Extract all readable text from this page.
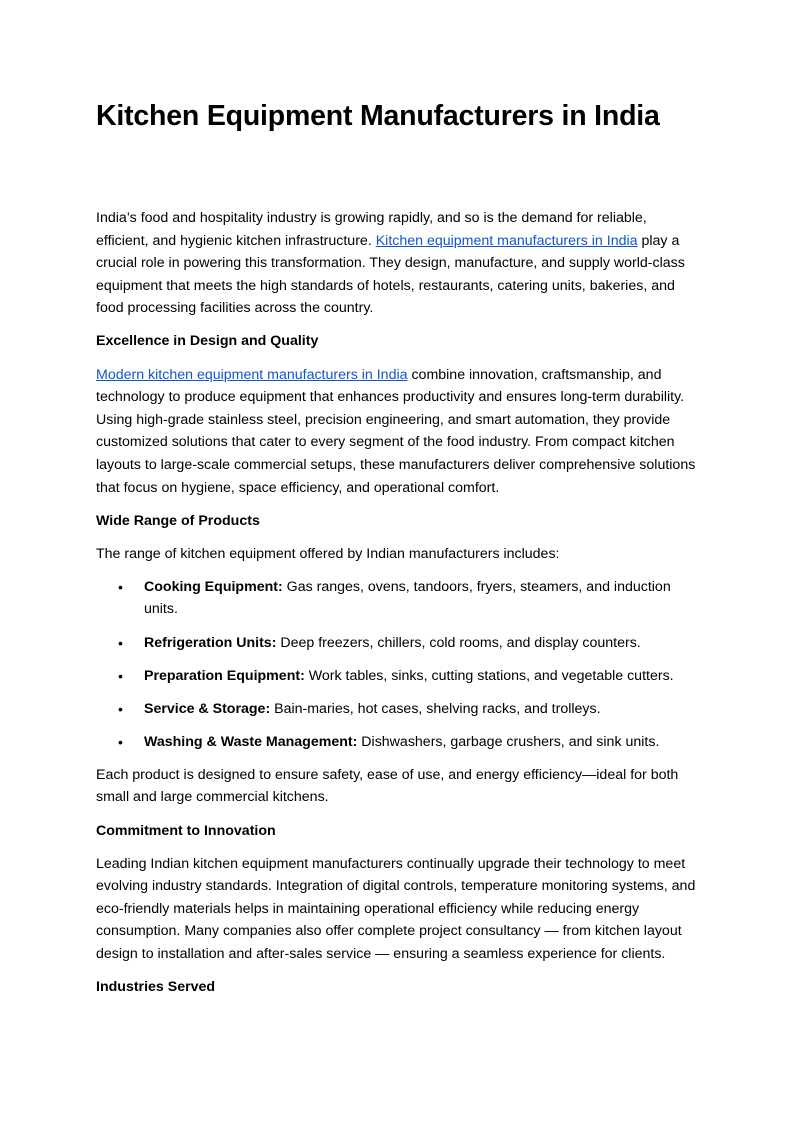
Kitchen Equipment Manufacturers in India

India’s food and hospitality industry is growing rapidly, and so is the demand for reliable, efficient, and hygienic kitchen infrastructure. Kitchen equipment manufacturers in India play a crucial role in powering this transformation. They design, manufacture, and supply world-class equipment that meets the high standards of hotels, restaurants, catering units, bakeries, and food processing facilities across the country.

Excellence in Design and Quality

Modern kitchen equipment manufacturers in India combine innovation, craftsmanship, and technology to produce equipment that enhances productivity and ensures long-term durability. Using high-grade stainless steel, precision engineering, and smart automation, they provide customized solutions that cater to every segment of the food industry. From compact kitchen layouts to large-scale commercial setups, these manufacturers deliver comprehensive solutions that focus on hygiene, space efficiency, and operational comfort.

Wide Range of Products

The range of kitchen equipment offered by Indian manufacturers includes:

• Cooking Equipment: Gas ranges, ovens, tandoors, fryers, steamers, and induction units.
• Refrigeration Units: Deep freezers, chillers, cold rooms, and display counters.
• Preparation Equipment: Work tables, sinks, cutting stations, and vegetable cutters.
• Service & Storage: Bain-maries, hot cases, shelving racks, and trolleys.
• Washing & Waste Management: Dishwashers, garbage crushers, and sink units.

Each product is designed to ensure safety, ease of use, and energy efficiency—ideal for both small and large commercial kitchens.

Commitment to Innovation

Leading Indian kitchen equipment manufacturers continually upgrade their technology to meet evolving industry standards. Integration of digital controls, temperature monitoring systems, and eco-friendly materials helps in maintaining operational efficiency while reducing energy consumption. Many companies also offer complete project consultancy — from kitchen layout design to installation and after-sales service — ensuring a seamless experience for clients.

Industries Served
